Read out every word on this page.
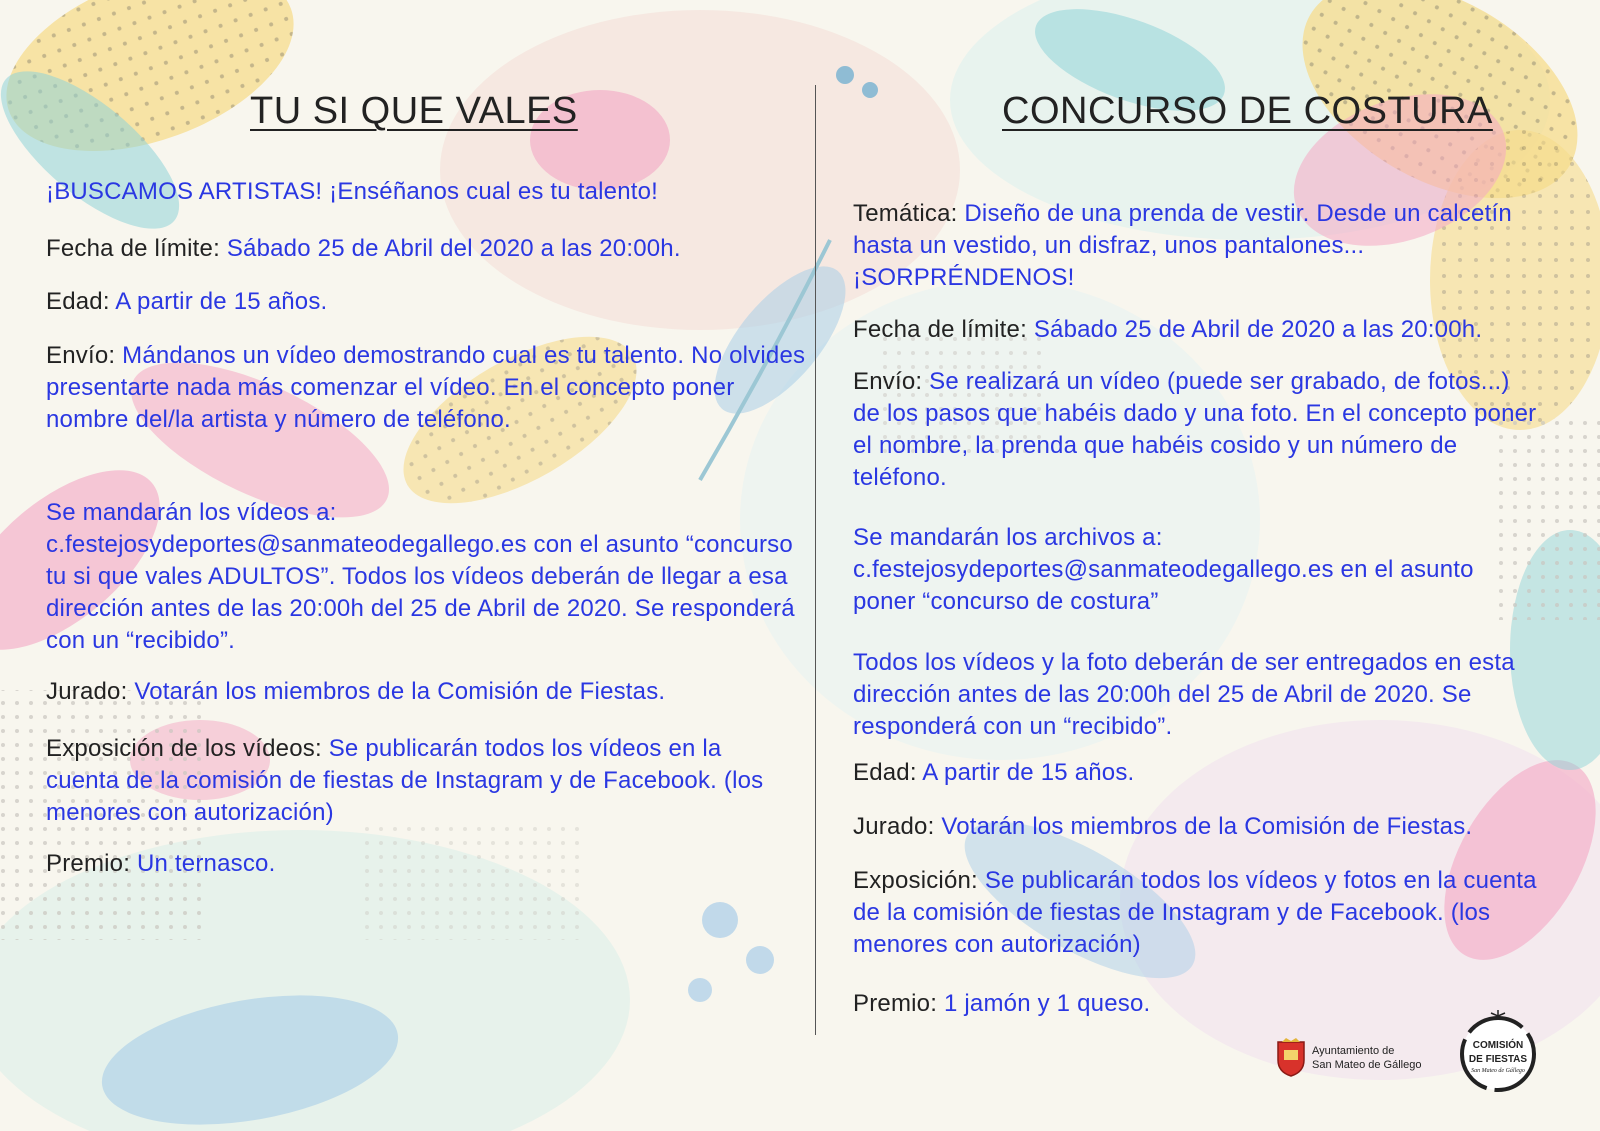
TU SI QUE VALES

¡BUSCAMOS ARTISTAS! ¡Enséñanos cual es tu talento!

Fecha de límite: Sábado 25 de Abril del 2020 a las 20:00h.

Edad: A partir de 15 años.

Envío: Mándanos un vídeo demostrando cual es tu talento. No olvides presentarte nada más comenzar el vídeo. En el concepto poner nombre del/la artista y número de teléfono.

Se mandarán los vídeos a: c.festejosydeportes@sanmateodegallego.es con el asunto “concurso tu si que vales ADULTOS”. Todos los vídeos deberán de llegar a esa dirección antes de las 20:00h del 25 de Abril de 2020. Se responderá con un “recibido”.

Jurado: Votarán los miembros de la Comisión de Fiestas.

Exposición de los vídeos: Se publicarán todos los vídeos en la cuenta de la comisión de fiestas de Instagram y de Facebook. (los menores con autorización)

Premio: Un ternasco.

CONCURSO DE COSTURA

Temática: Diseño de una prenda de vestir. Desde un calcetín hasta un vestido, un disfraz, unos pantalones... ¡SORPRÉNDENOS!

Fecha de límite: Sábado 25 de Abril de 2020 a las 20:00h.

Envío: Se realizará un vídeo (puede ser grabado, de fotos...) de los pasos que habéis dado y una foto. En el concepto poner el nombre, la prenda que habéis cosido y un número de teléfono.

Se mandarán los archivos a: c.festejosydeportes@sanmateodegallego.es en el asunto poner “concurso de costura”

Todos los vídeos y la foto deberán de ser entregados en esta dirección antes de las 20:00h del 25 de Abril de 2020. Se responderá con un “recibido”.

Edad: A partir de 15 años.

Jurado: Votarán los miembros de la Comisión de Fiestas.

Exposición: Se publicarán todos los vídeos y fotos en la cuenta de la comisión de fiestas de Instagram y de Facebook. (los menores con autorización)

Premio: 1 jamón y 1 queso.

Ayuntamiento de
San Mateo de Gállego
COMISIÓN
DE FIESTAS
San Mateo de Gállego
